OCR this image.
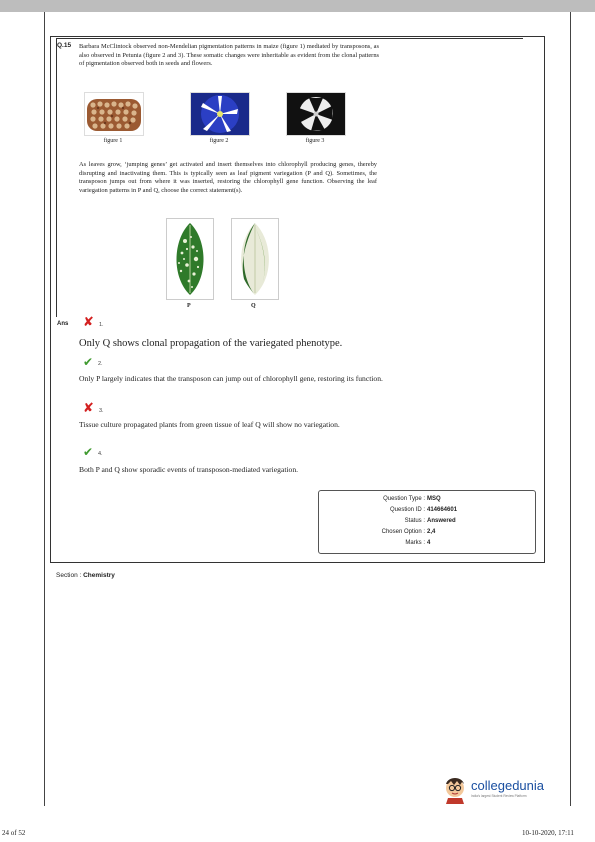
Q.15 Barbara McClintock observed non-Mendelian pigmentation patterns in maize (figure 1) mediated by transposons, as also observed in Petunia (figure 2 and 3). These somatic changes were inheritable as evident from the clonal patterns of pigmentation observed both in seeds and flowers.

figure 1	figure 2	figure 3

As leaves grow, ‘jumping genes’ get activated and insert themselves into chlorophyll producing genes, thereby disrupting and inactivating them. This is typically seen as leaf pigment variegation (P and Q). Sometimes, the transposon jumps out from where it was inserted, restoring the chlorophyll gene function. Observing the leaf variegation patterns in P and Q, choose the correct statement(s).

P	Q
Ans ✘ 1.

Only Q shows clonal propagation of the variegated phenotype.

✔ 2.

Only P largely indicates that the transposon can jump out of chlorophyll gene, restoring its function.

✘ 3.

Tissue culture propagated plants from green tissue of leaf Q will show no variegation.

✔ 4.

Both P and Q show sporadic events of transposon-mediated variegation.

Question Type : MSQ
Question ID : 414664601
Status : Answered
Chosen Option : 2,4
Marks : 4
Section : Chemistry
collegedunia
India's largest Student Review Platform
24 of 52	10-10-2020, 17:11
